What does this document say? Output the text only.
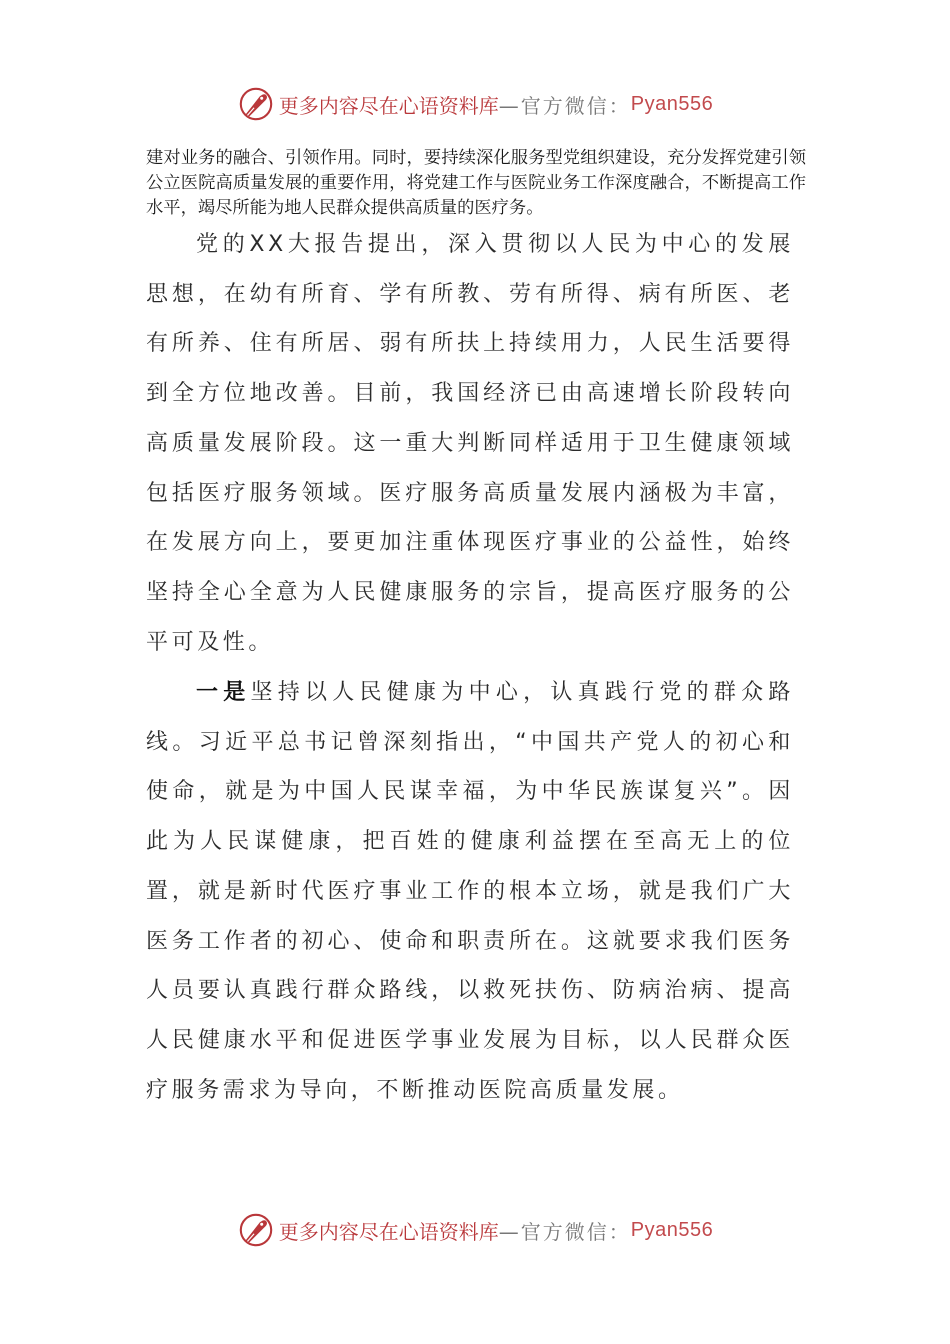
更多内容尽在心语资料库 —官方微信： Pyan556

建对业务的融合、引领作用。同时，要持续深化服务型党组织建设，充分发挥党建引领公立医院高质量发展的重要作用，将党建工作与医院业务工作深度融合，不断提高工作水平，竭尽所能为地人民群众提供高质量的医疗务。

党的XX大报告提出，深入贯彻以人民为中心的发展思想，在幼有所育、学有所教、劳有所得、病有所医、老有所养、住有所居、弱有所扶上持续用力，人民生活要得到全方位地改善。目前，我国经济已由高速增长阶段转向高质量发展阶段。这一重大判断同样适用于卫生健康领域包括医疗服务领域。医疗服务高质量发展内涵极为丰富，在发展方向上，要更加注重体现医疗事业的公益性，始终坚持全心全意为人民健康服务的宗旨，提高医疗服务的公平可及性。

一是坚持以人民健康为中心，认真践行党的群众路线。习近平总书记曾深刻指出，“中国共产党人的初心和使命，就是为中国人民谋幸福，为中华民族谋复兴”。因此为人民谋健康，把百姓的健康利益摆在至高无上的位置，就是新时代医疗事业工作的根本立场，就是我们广大医务工作者的初心、使命和职责所在。这就要求我们医务人员要认真践行群众路线，以救死扶伤、防病治病、提高人民健康水平和促进医学事业发展为目标，以人民群众医疗服务需求为导向，不断推动医院高质量发展。

更多内容尽在心语资料库 —官方微信： Pyan556
